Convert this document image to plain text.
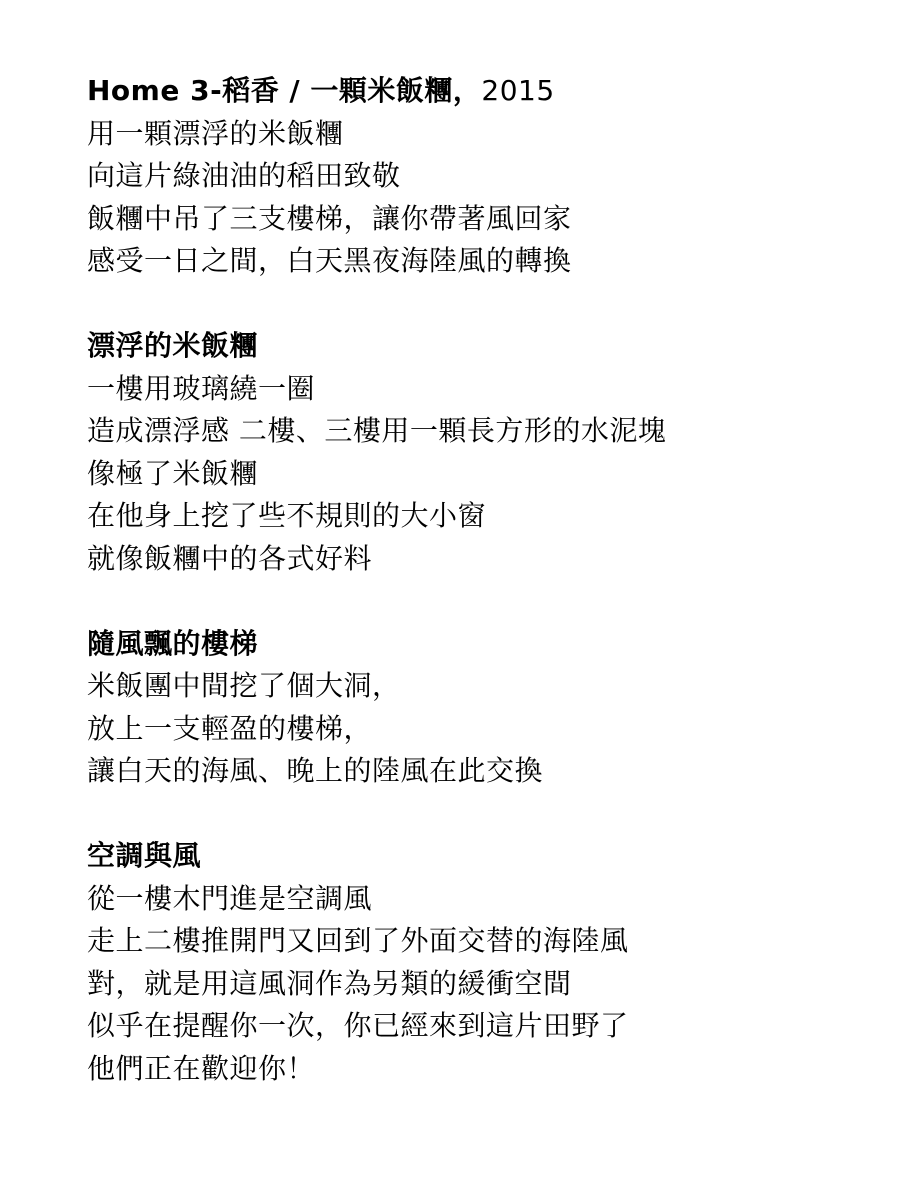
Home 3-稻香 / 一顆米飯糰，2015
用一顆漂浮的米飯糰
向這片綠油油的稻田致敬
飯糰中吊了三支樓梯，讓你帶著風回家
感受一日之間，白天黑夜海陸風的轉換
漂浮的米飯糰
一樓用玻璃繞一圈
造成漂浮感 二樓、三樓用一顆長方形的水泥塊
像極了米飯糰
在他身上挖了些不規則的大小窗
就像飯糰中的各式好料
隨風飄的樓梯
米飯團中間挖了個大洞，
放上一支輕盈的樓梯，
讓白天的海風、晚上的陸風在此交換
空調與風
從一樓木門進是空調風
走上二樓推開門又回到了外面交替的海陸風
對，就是用這風洞作為另類的緩衝空間
似乎在提醒你一次，你已經來到這片田野了
他們正在歡迎你！
